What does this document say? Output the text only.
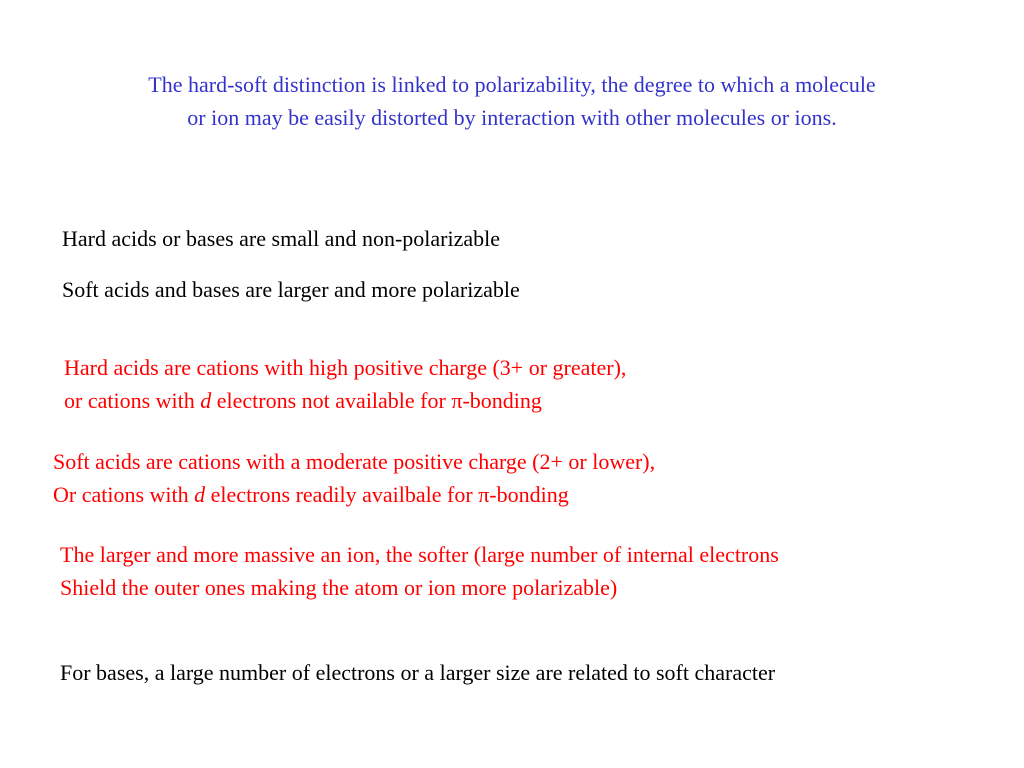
The hard-soft distinction is linked to polarizability, the degree to which a molecule
or ion may be easily distorted by interaction with other molecules or ions.

Hard acids or bases are small and non-polarizable

Soft acids and bases are larger and more polarizable

Hard acids are cations with high positive charge (3+ or greater),
or cations with d electrons not available for π-bonding
Soft acids are cations with a moderate positive charge (2+ or lower),
Or cations with d electrons readily availbale for π-bonding
The larger and more massive an ion, the softer (large number of internal electrons
Shield the outer ones making the atom or ion more polarizable)

For bases, a large number of electrons or a larger size are related to soft character
